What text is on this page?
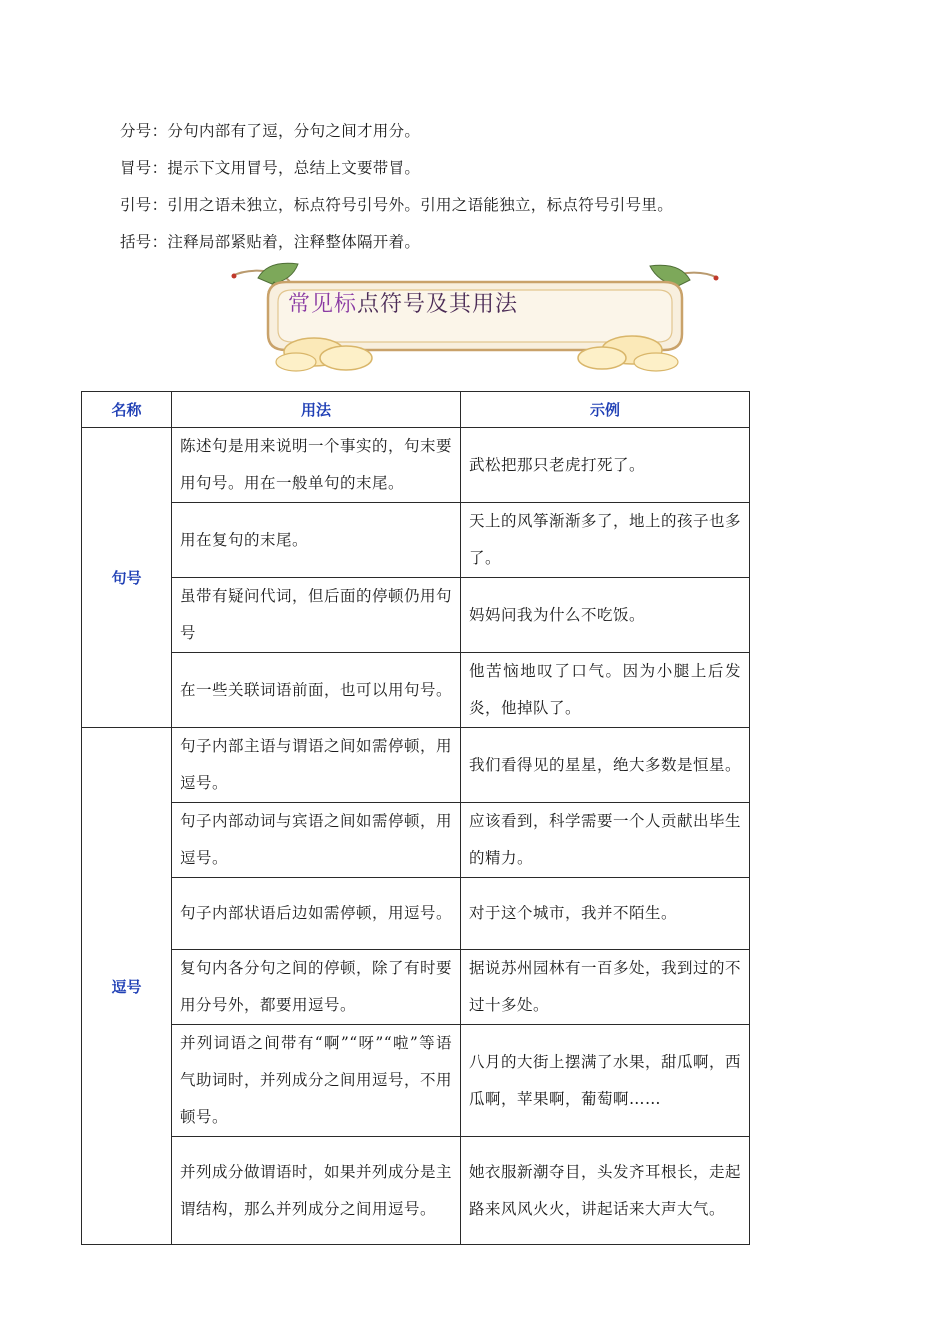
分号：分句内部有了逗，分句之间才用分。

冒号：提示下文用冒号，总结上文要带冒。

引号：引用之语未独立，标点符号引号外。引用之语能独立，标点符号引号里。

括号：注释局部紧贴着，注释整体隔开着。

常见标点符号及其用法
名称	用法	示例
句号	陈述句是用来说明一个事实的，句末要用句号。用在一般单句的末尾。	武松把那只老虎打死了。
	用在复句的末尾。	天上的风筝渐渐多了，地上的孩子也多了。
	虽带有疑问代词，但后面的停顿仍用句号	妈妈问我为什么不吃饭。
	在一些关联词语前面，也可以用句号。	他苦恼地叹了口气。因为小腿上后发炎，他掉队了。
逗号	句子内部主语与谓语之间如需停顿，用逗号。	我们看得见的星星，绝大多数是恒星。
	句子内部动词与宾语之间如需停顿，用逗号。	应该看到，科学需要一个人贡献出毕生的精力。
	句子内部状语后边如需停顿，用逗号。	对于这个城市，我并不陌生。
	复句内各分句之间的停顿，除了有时要用分号外，都要用逗号。	据说苏州园林有一百多处，我到过的不过十多处。
	并列词语之间带有“啊”“呀”“啦”等语气助词时，并列成分之间用逗号，不用顿号。	八月的大街上摆满了水果，甜瓜啊，西瓜啊，苹果啊，葡萄啊……
	并列成分做谓语时，如果并列成分是主谓结构，那么并列成分之间用逗号。	她衣服新潮夺目，头发齐耳根长，走起路来风风火火，讲起话来大声大气。
